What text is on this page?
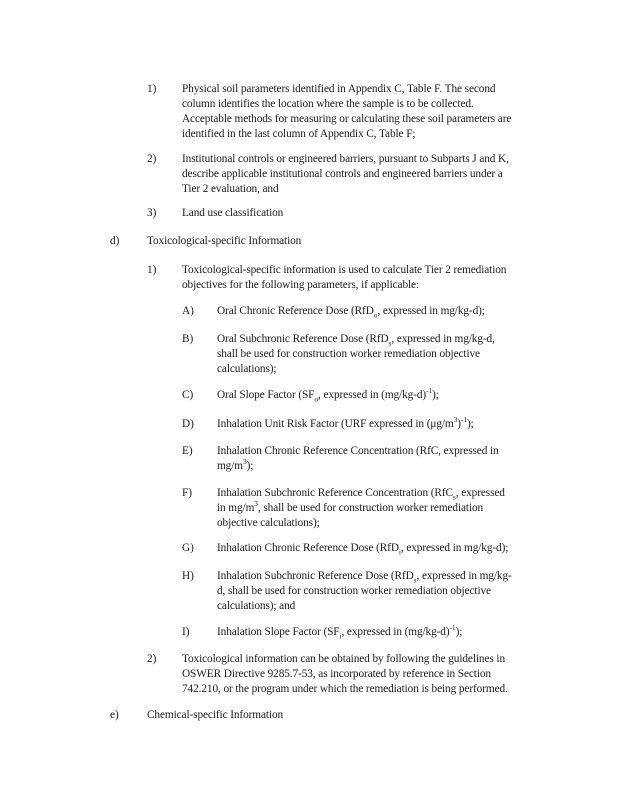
1) Physical soil parameters identified in Appendix C, Table F. The second
column identifies the location where the sample is to be collected.
Acceptable methods for measuring or calculating these soil parameters are
identified in the last column of Appendix C, Table F;
2) Institutional controls or engineered barriers, pursuant to Subparts J and K,
describe applicable institutional controls and engineered barriers under a
Tier 2 evaluation, and
3) Land use classification
d) Toxicological-specific Information
1) Toxicological-specific information is used to calculate Tier 2 remediation
objectives for the following parameters, if applicable:
A) Oral Chronic Reference Dose (RfD$_o$, expressed in mg/kg-d);
B) Oral Subchronic Reference Dose (RfD$_s$, expressed in mg/kg-d,
shall be used for construction worker remediation objective
calculations);
C) Oral Slope Factor ($SF_o$, expressed in $(mg/kg-d)^{-1}$);
D) Inhalation Unit Risk Factor (URF expressed in $(\mu g/m^3)^{-1}$);
E) Inhalation Chronic Reference Concentration (RfC, expressed in
$mg/m^3$);
F) Inhalation Subchronic Reference Concentration (RfC$_s$, expressed
in $mg/m^3$, shall be used for construction worker remediation
objective calculations);
G) Inhalation Chronic Reference Dose (RfD$_i$, expressed in mg/kg-d);
H) Inhalation Subchronic Reference Dose (RfD$_s$, expressed in mg/kg-
d, shall be used for construction worker remediation objective
calculations); and
I) Inhalation Slope Factor ($SF_i$, expressed in $(mg/kg-d)^{-1}$);
2) Toxicological information can be obtained by following the guidelines in
OSWER Directive 9285.7-53, as incorporated by reference in Section
742.210, or the program under which the remediation is being performed.
e) Chemical-specific Information
